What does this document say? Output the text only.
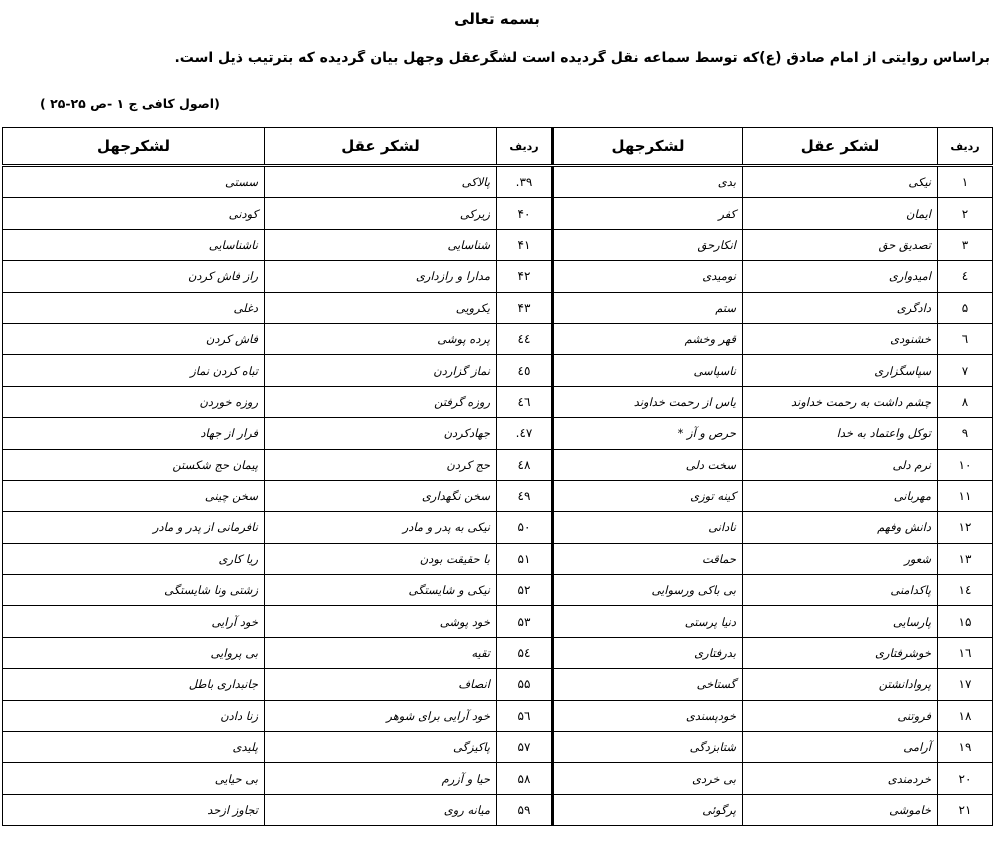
بسمه تعالی
براساس روایتی از امام صادق (ع)که توسط سماعه نقل گردیده است لشگرعقل وجهل بیان گردیده که بترتیب ذیل است.
(اصول کافی ج ۱ -ص ۲۵-۲۵ )
ردیف	لشکر عقل	لشکرجهل	ردیف	لشکر عقل	لشکرجهل
۱	نیکی	بدی	۳۹.	پالاکی	سستی
۲	ایمان	کفر	۴۰	زیرکی	کودنی
۳	تصدیق حق	انکارحق	۴۱	شناسایی	ناشناسایی
٤	امیدواری	نومیدی	۴۲	مدارا و رازداری	راز فاش کردن
۵	دادگری	ستم	۴۳	یکرویی	دغلی
٦	خشنودی	قهر وخشم	٤٤	پرده پوشی	فاش کردن
۷	سپاسگزاری	ناسپاسی	٤٥	نماز گزاردن	تباه کردن نماز
۸	چشم داشت به رحمت خداوند	یاس از رحمت خداوند	٤٦	روزه گرفتن	روزه خوردن
۹	توکل واعتماد به خدا	حرص و آز *	٤۷.	جهادکردن	فرار از جهاد
۱۰	نرم دلی	سخت دلی	٤۸	حج کردن	پیمان حج شکستن
۱۱	مهربانی	کینه توزی	٤۹	سخن نگهداری	سخن چینی
۱۲	دانش وفهم	نادانی	۵۰	نیکی به پدر و مادر	نافرمانی از پدر و مادر
۱۳	شعور	حماقت	۵۱	با حقیقت بودن	ریا کاری
۱٤	پاکدامنی	بی باکی ورسوایی	۵۲	نیکی و شایستگی	زشتی ونا شایستگی
۱۵	پارسایی	دنیا پرستی	۵۳	خود پوشی	خود آرایی
۱٦	خوشرفتاری	بدرفتاری	۵٤	تقیه	بی پروایی
۱۷	پروادانشتن	گستاخی	۵۵	انصاف	جانبداری باطل
۱۸	فروتنی	خودپسندی	۵٦	خود آرایی برای شوهر	زنا دادن
۱۹	آرامی	شتابزدگی	۵۷	پاکیزگی	پلیدی
۲۰	خردمندی	بی خردی	۵۸	حیا و آزرم	بی حیایی
۲۱	خاموشی	پرگوئی	۵۹	میانه روی	تجاوز ازحد
